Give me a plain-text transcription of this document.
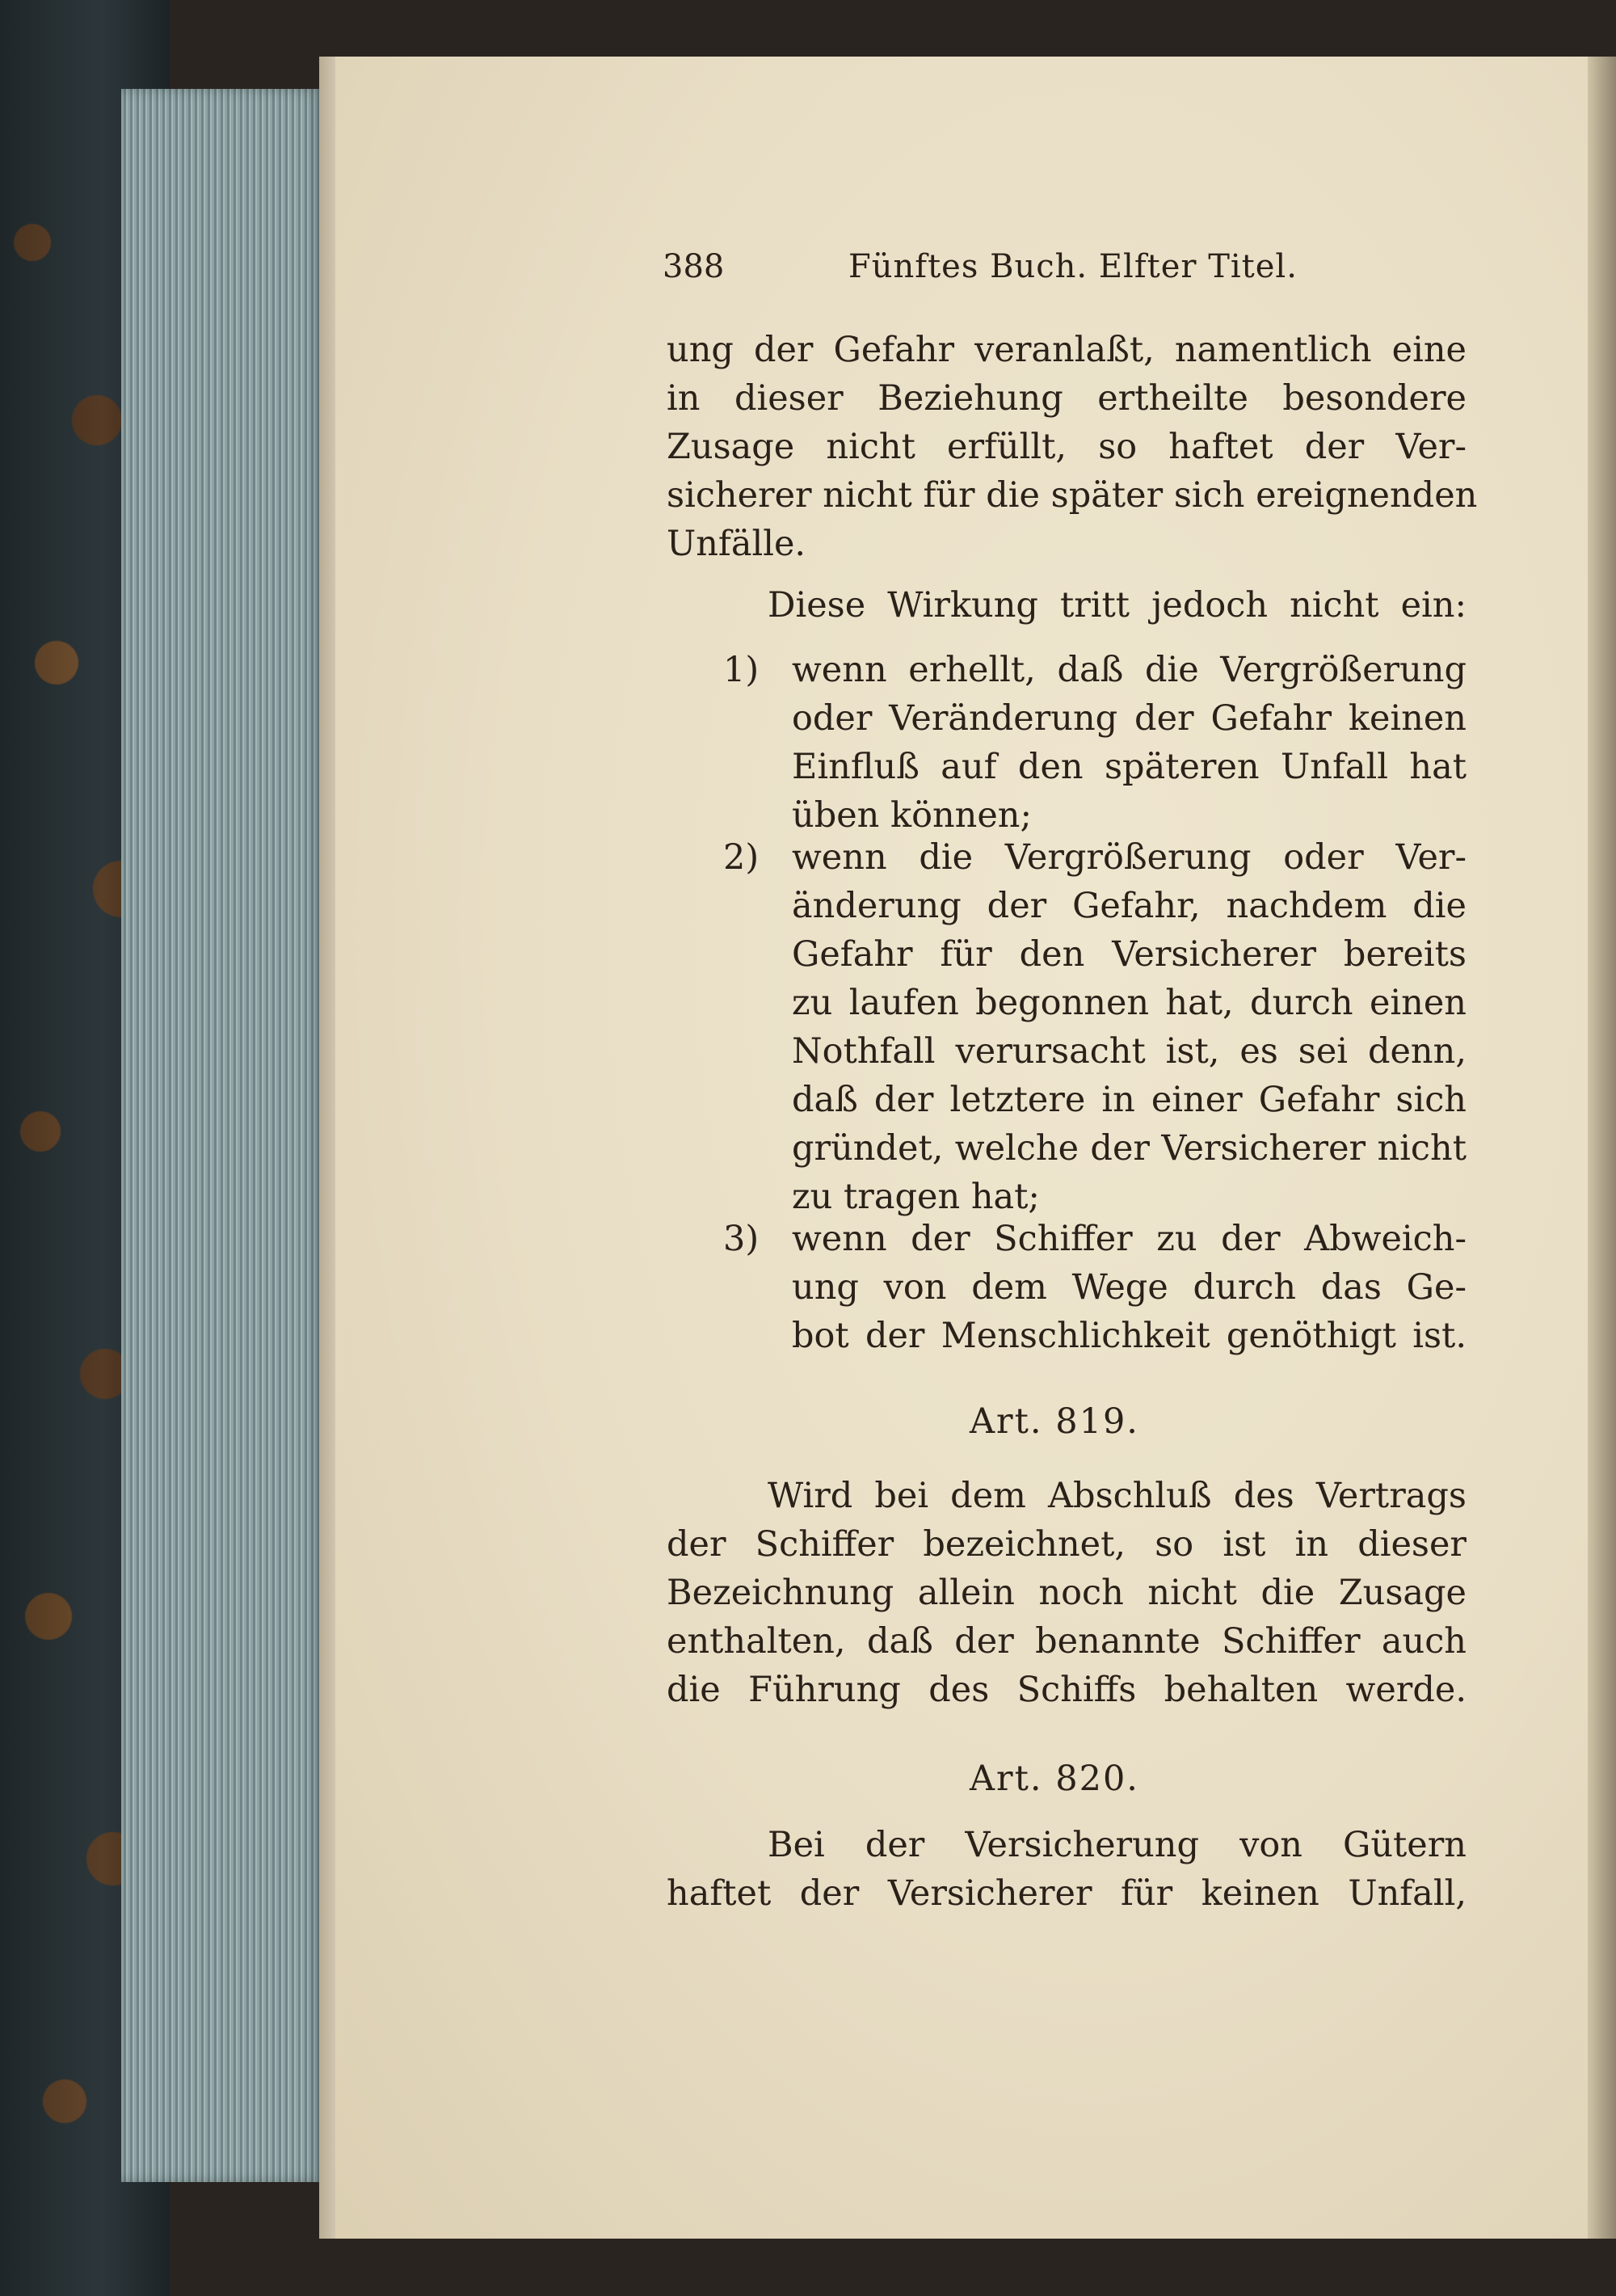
388	Fünftes Buch. Elfter Titel.
ung der Gefahr veranlaßt, namentlich eine
in dieser Beziehung ertheilte besondere
Zusage nicht erfüllt, so haftet der Ver-
sicherer nicht für die später sich ereignenden
Unfälle.
Diese Wirkung tritt jedoch nicht ein:
1) wenn erhellt, daß die Vergrößerung
oder Veränderung der Gefahr keinen
Einfluß auf den späteren Unfall hat
üben können;
2) wenn die Vergrößerung oder Ver-
änderung der Gefahr, nachdem die
Gefahr für den Versicherer bereits
zu laufen begonnen hat, durch einen
Nothfall verursacht ist, es sei denn,
daß der letztere in einer Gefahr sich
gründet, welche der Versicherer nicht
zu tragen hat;
3) wenn der Schiffer zu der Abweich-
ung von dem Wege durch das Ge-
bot der Menschlichkeit genöthigt ist.
Art. 819.
Wird bei dem Abschluß des Vertrags
der Schiffer bezeichnet, so ist in dieser
Bezeichnung allein noch nicht die Zusage
enthalten, daß der benannte Schiffer auch
die Führung des Schiffs behalten werde.
Art. 820.
Bei der Versicherung von Gütern
haftet der Versicherer für keinen Unfall,
